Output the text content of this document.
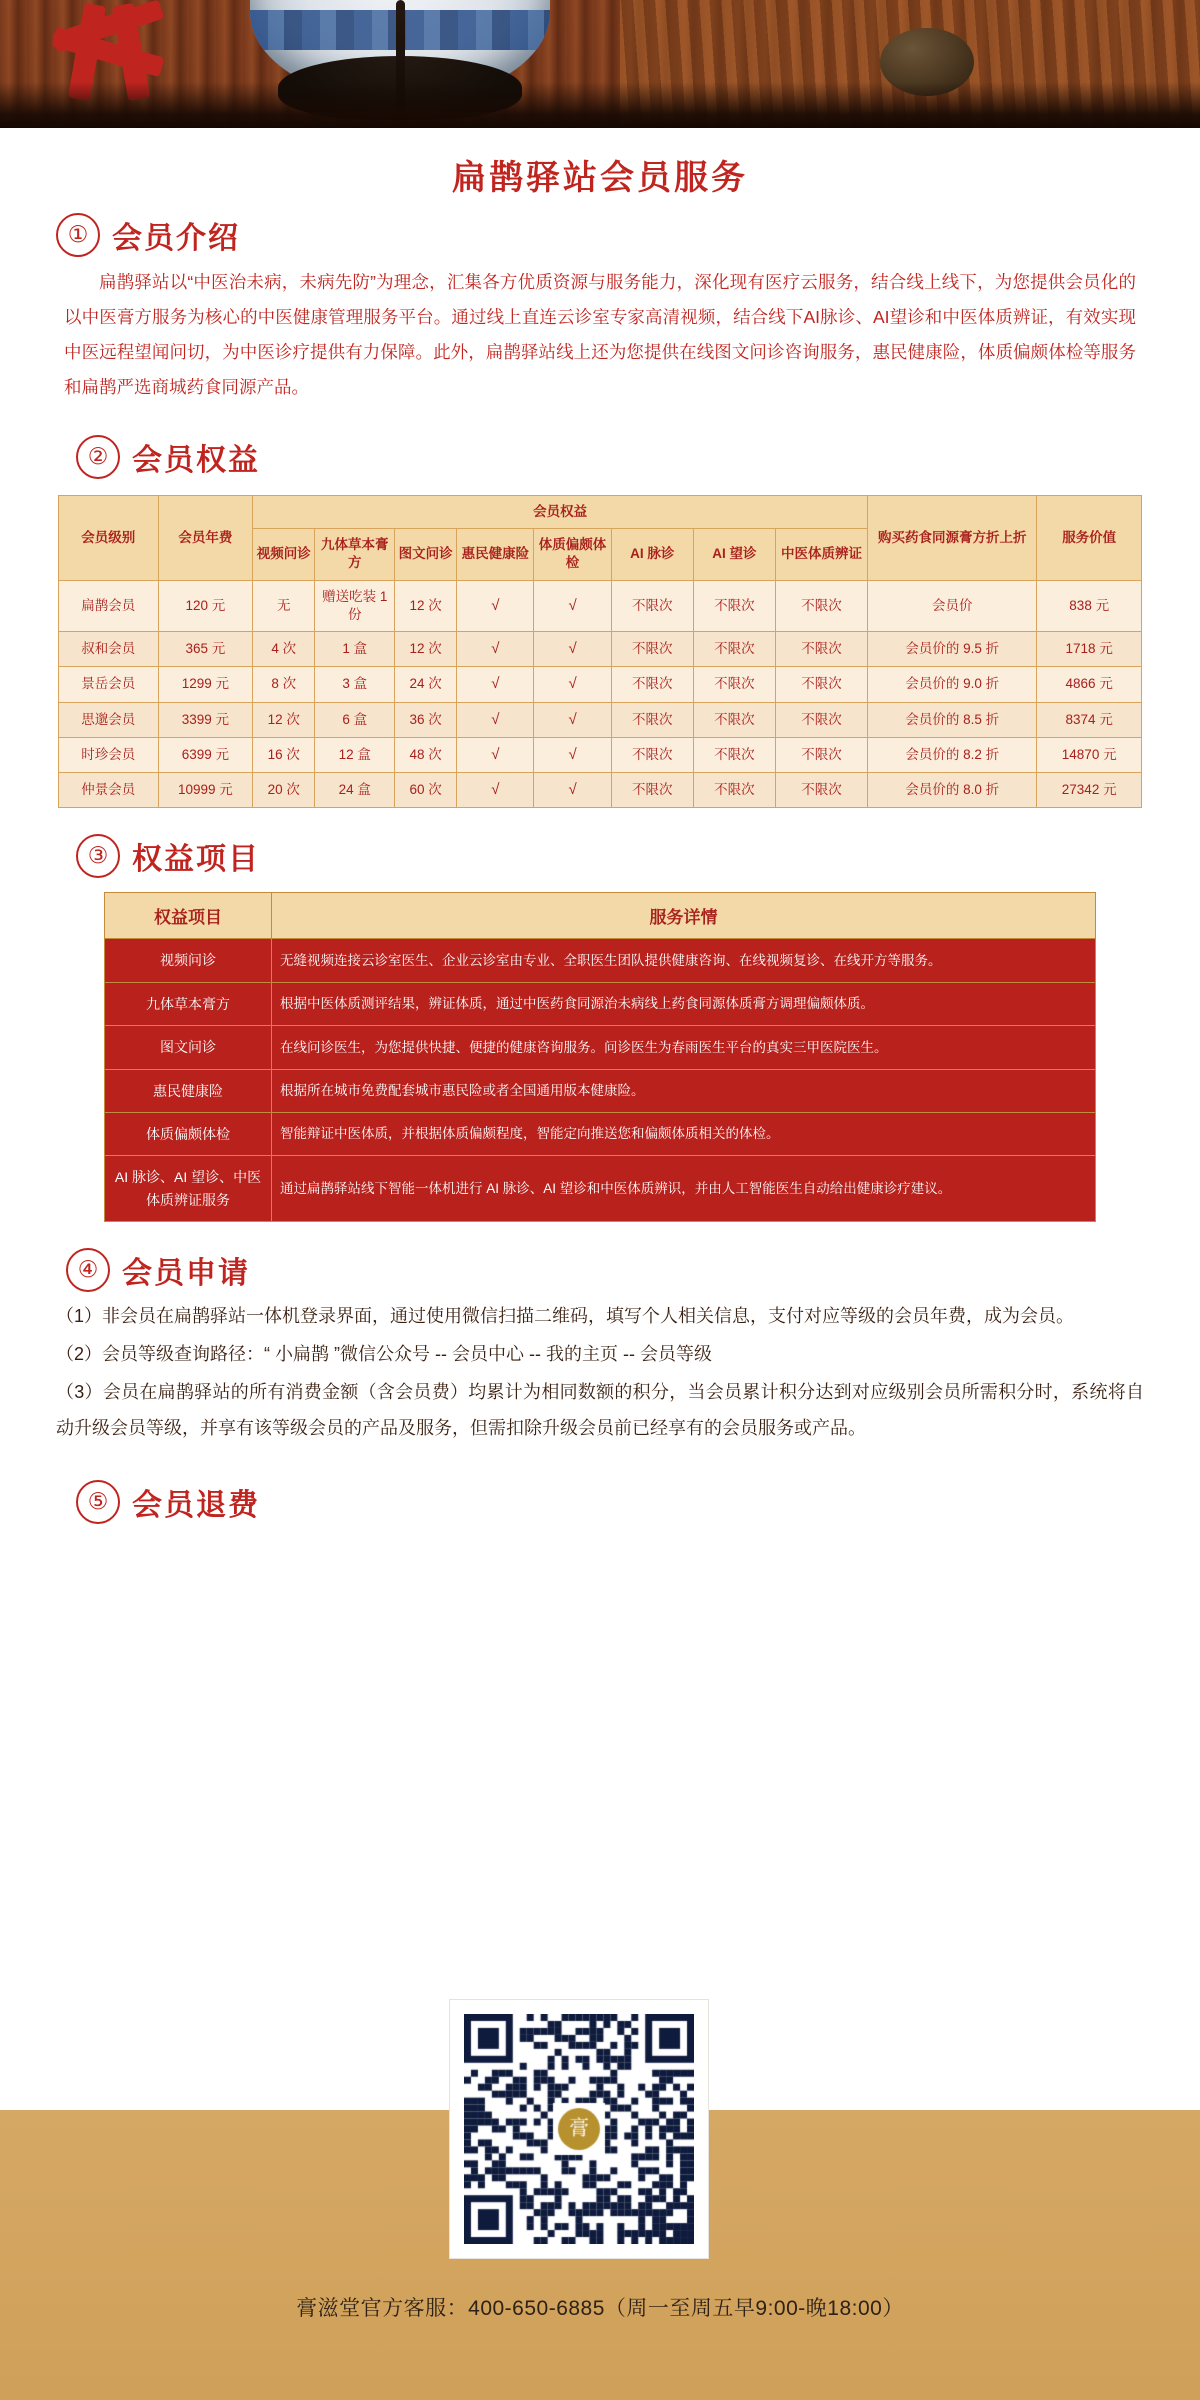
扁鹊驿站会员服务
① 会员介绍
扁鹊驿站以“中医治未病，未病先防”为理念，汇集各方优质资源与服务能力，深化现有医疗云服务，结合线上线下，为您提供会员化的以中医膏方服务为核心的中医健康管理服务平台。通过线上直连云诊室专家高清视频，结合线下AI脉诊、AI望诊和中医体质辨证，有效实现中医远程望闻问切，为中医诊疗提供有力保障。此外，扁鹊驿站线上还为您提供在线图文问诊咨询服务，惠民健康险，体质偏颇体检等服务和扁鹊严选商城药食同源产品。
② 会员权益
会员级别	会员年费	会员权益								购买药食同源膏方折上折	服务价值
		视频问诊	九体草本膏方	图文问诊	惠民健康险	体质偏颇体检	AI 脉诊	AI 望诊	中医体质辨证		
扁鹊会员	120 元	无	赠送吃装 1 份	12 次	√	√	不限次	不限次	不限次	会员价	838 元
叔和会员	365 元	4 次	1 盒	12 次	√	√	不限次	不限次	不限次	会员价的 9.5 折	1718 元
景岳会员	1299 元	8 次	3 盒	24 次	√	√	不限次	不限次	不限次	会员价的 9.0 折	4866 元
思邈会员	3399 元	12 次	6 盒	36 次	√	√	不限次	不限次	不限次	会员价的 8.5 折	8374 元
时珍会员	6399 元	16 次	12 盒	48 次	√	√	不限次	不限次	不限次	会员价的 8.2 折	14870 元
仲景会员	10999 元	20 次	24 盒	60 次	√	√	不限次	不限次	不限次	会员价的 8.0 折	27342 元
③ 权益项目
权益项目	服务详情
视频问诊	无缝视频连接云诊室医生、企业云诊室由专业、全职医生团队提供健康咨询、在线视频复诊、在线开方等服务。
九体草本膏方	根据中医体质测评结果，辨证体质，通过中医药食同源治未病线上药食同源体质膏方调理偏颇体质。
图文问诊	在线问诊医生，为您提供快捷、便捷的健康咨询服务。问诊医生为春雨医生平台的真实三甲医院医生。
惠民健康险	根据所在城市免费配套城市惠民险或者全国通用版本健康险。
体质偏颇体检	智能辩证中医体质，并根据体质偏颇程度，智能定向推送您和偏颇体质相关的体检。
AI 脉诊、AI 望诊、中医体质辨证服务	通过扁鹊驿站线下智能一体机进行 AI 脉诊、AI 望诊和中医体质辨识，并由人工智能医生自动给出健康诊疗建议。
④ 会员申请

（1）非会员在扁鹊驿站一体机登录界面，通过使用微信扫描二维码，填写个人相关信息，支付对应等级的会员年费，成为会员。

（2）会员等级查询路径：“ 小扁鹊 ”微信公众号 -- 会员中心 -- 我的主页 -- 会员等级

（3）会员在扁鹊驿站的所有消费金额（含会员费）均累计为相同数额的积分，当会员累计积分达到对应级别会员所需积分时，系统将自动升级会员等级，并享有该等级会员的产品及服务，但需扣除升级会员前已经享有的会员服务或产品。

⑤ 会员退费
膏滋堂官方客服：400-650-6885（周一至周五早9:00-晚18:00）
